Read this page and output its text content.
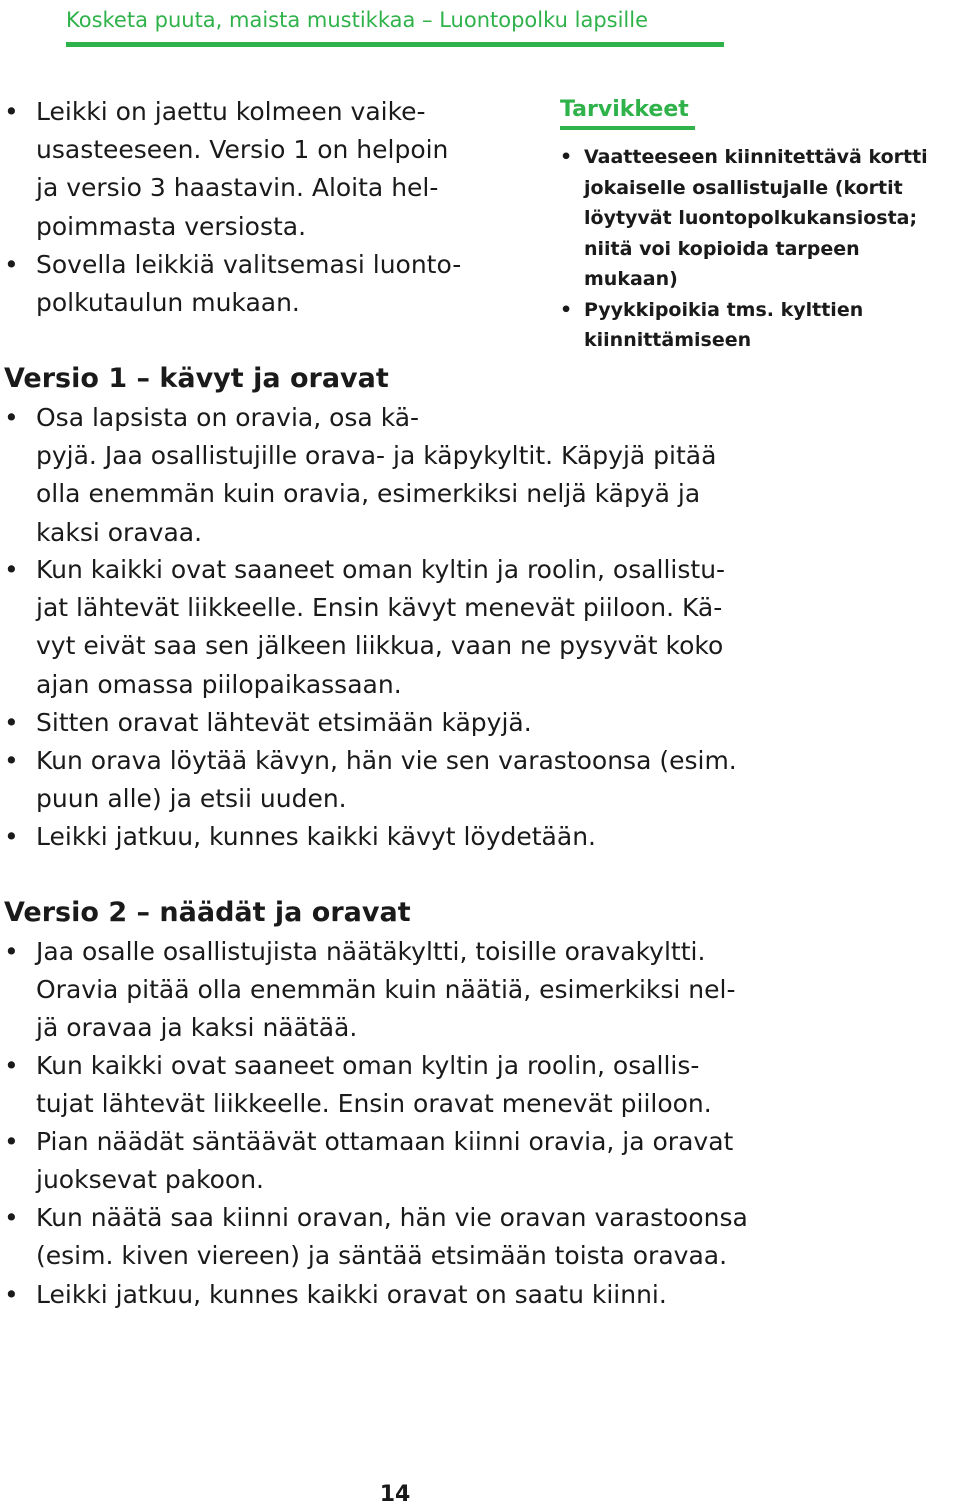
Kosketa puuta, maista mustikkaa – Luontopolku lapsille
Tarvikkeet
• Vaatteeseen kiinnitettävä kortti
jokaiselle osallistujalle (kortit
löytyvät luontopolkukansiosta;
niitä voi kopioida tarpeen
mukaan)
• Pyykkipoikia tms. kylttien
kiinnittämiseen

• Leikki on jaettu kolmeen vaike-
usasteeseen. Versio 1 on helpoin
ja versio 3 haastavin. Aloita hel-
poimmasta versiosta.

• Sovella leikkiä valitsemasi luonto-
polkutaulun mukaan.

Versio 1 – kävyt ja oravat

• Osa lapsista on oravia, osa kä-
pyjä. Jaa osallistujille orava- ja käpykyltit. Käpyjä pitää
olla enemmän kuin oravia, esimerkiksi neljä käpyä ja
kaksi oravaa.

• Kun kaikki ovat saaneet oman kyltin ja roolin, osallistu-
jat lähtevät liikkeelle. Ensin kävyt menevät piiloon. Kä-
vyt eivät saa sen jälkeen liikkua, vaan ne pysyvät koko
ajan omassa piilopaikassaan.

• Sitten oravat lähtevät etsimään käpyjä.

• Kun orava löytää kävyn, hän vie sen varastoonsa (esim.
puun alle) ja etsii uuden.

• Leikki jatkuu, kunnes kaikki kävyt löydetään.

Versio 2 – näädät ja oravat

• Jaa osalle osallistujista näätäkyltti, toisille oravakyltti.
Oravia pitää olla enemmän kuin näätiä, esimerkiksi nel-
jä oravaa ja kaksi näätää.

• Kun kaikki ovat saaneet oman kyltin ja roolin, osallis-
tujat lähtevät liikkeelle. Ensin oravat menevät piiloon.

• Pian näädät säntäävät ottamaan kiinni oravia, ja oravat
juoksevat pakoon.

• Kun näätä saa kiinni oravan, hän vie oravan varastoonsa
(esim. kiven viereen) ja säntää etsimään toista oravaa.

• Leikki jatkuu, kunnes kaikki oravat on saatu kiinni.

14
